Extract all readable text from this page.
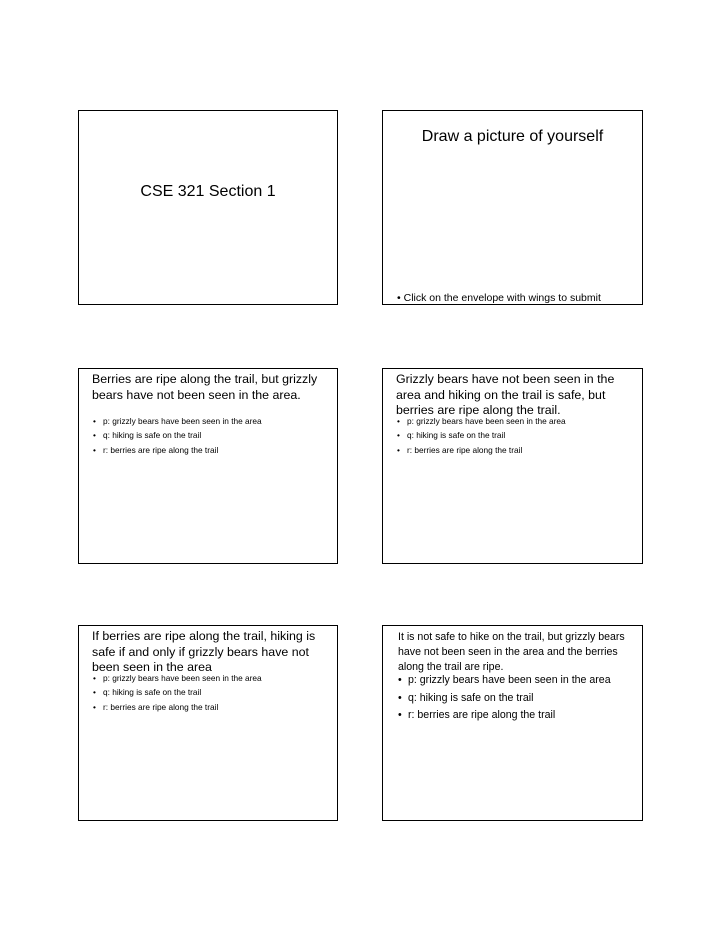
CSE 321 Section 1
Draw a picture of yourself
• Click on the envelope with wings to submit
Berries are ripe along the trail, but grizzly bears have not been seen in the area.
• p: grizzly bears have been seen in the area
• q: hiking is safe on the trail
• r: berries are ripe along the trail
Grizzly bears have not been seen in the area and hiking on the trail is safe, but berries are ripe along the trail.
• p: grizzly bears have been seen in the area
• q: hiking is safe on the trail
• r: berries are ripe along the trail
If berries are ripe along the trail, hiking is safe if and only if grizzly bears have not been seen in the area
• p: grizzly bears have been seen in the area
• q: hiking is safe on the trail
• r: berries are ripe along the trail
It is not safe to hike on the trail, but grizzly bears have not been seen in the area and the berries along the trail are ripe.
• p: grizzly bears have been seen in the area
• q: hiking is safe on the trail
• r: berries are ripe along the trail
